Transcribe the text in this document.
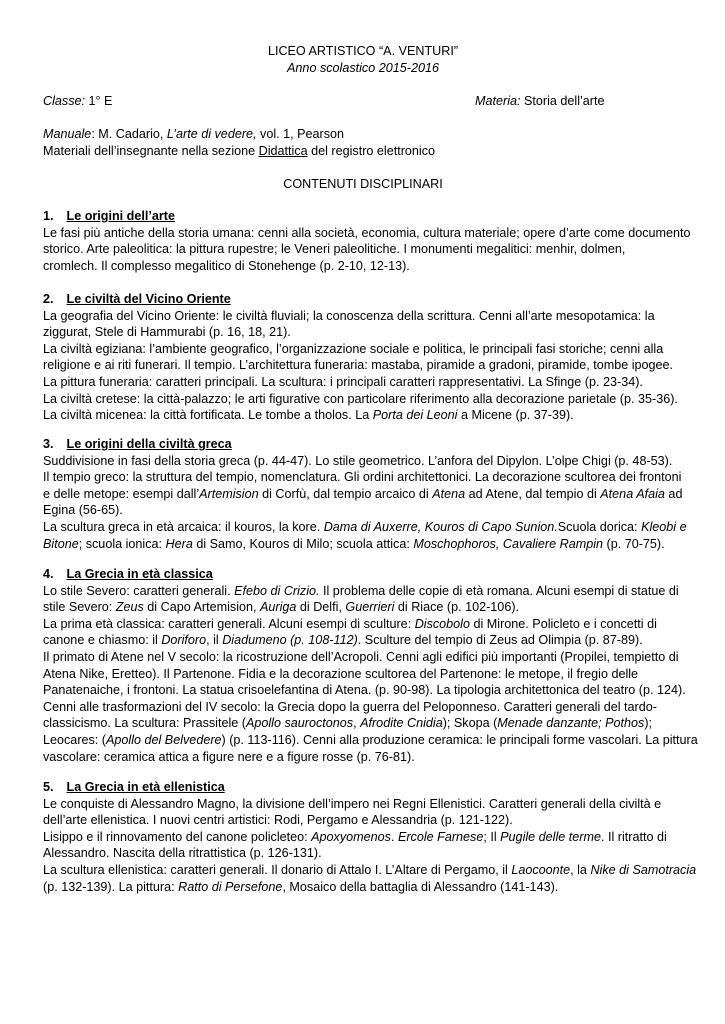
LICEO ARTISTICO “A. VENTURI”
Anno scolastico 2015-2016
Classe: 1° E	Materia: Storia dell’arte
Manuale: M. Cadario, L’arte di vedere, vol. 1, Pearson
Materiali dell’insegnante nella sezione Didattica del registro elettronico
CONTENUTI DISCIPLINARI
1. Le origini dell’arte
Le fasi più antiche della storia umana: cenni alla società, economia, cultura materiale; opere d’arte come documento
storico. Arte paleolitica: la pittura rupestre; le Veneri paleolitiche. I monumenti megalitici: menhir, dolmen,
cromlech. Il complesso megalitico di Stonehenge (p. 2-10, 12-13).
2. Le civiltà del Vicino Oriente
La geografia del Vicino Oriente: le civiltà fluviali; la conoscenza della scrittura. Cenni all’arte mesopotamica: la
ziggurat, Stele di Hammurabi (p. 16, 18, 21).
La civiltà egiziana: l’ambiente geografico, l’organizzazione sociale e politica, le principali fasi storiche; cenni alla
religione e ai riti funerari. Il tempio. L’architettura funeraria: mastaba, piramide a gradoni, piramide, tombe ipogee.
La pittura funeraria: caratteri principali. La scultura: i principali caratteri rappresentativi. La Sfinge (p. 23-34).
La civiltà cretese: la città-palazzo; le arti figurative con particolare riferimento alla decorazione parietale (p. 35-36).
La civiltà micenea: la città fortificata. Le tombe a tholos. La Porta dei Leoni a Micene (p. 37-39).
3. Le origini della civiltà greca
Suddivisione in fasi della storia greca (p. 44-47). Lo stile geometrico. L’anfora del Dipylon. L’olpe Chigi (p. 48-53).
Il tempio greco: la struttura del tempio, nomenclatura. Gli ordini architettonici. La decorazione scultorea dei frontoni
e delle metope: esempi dall’Artemision di Corfù, dal tempio arcaico di Atena ad Atene, dal tempio di Atena Afaia ad
Egina (56-65).
La scultura greca in età arcaica: il kouros, la kore. Dama di Auxerre, Kouros di Capo Sunion.Scuola dorica: Kleobi e
Bitone; scuola ionica: Hera di Samo, Kouros di Milo; scuola attica: Moschophoros, Cavaliere Rampin (p. 70-75).
4. La Grecia in età classica
Lo stile Severo: caratteri generali. Efebo di Crizio. Il problema delle copie di età romana. Alcuni esempi di statue di
stile Severo: Zeus di Capo Artemision, Auriga di Delfi, Guerrieri di Riace (p. 102-106).
La prima età classica: caratteri generali. Alcuni esempi di sculture: Discobolo di Mirone. Policleto e i concetti di
canone e chiasmo: il Doriforo, il Diadumeno (p. 108-112). Sculture del tempio di Zeus ad Olimpia (p. 87-89).
Il primato di Atene nel V secolo: la ricostruzione dell’Acropoli. Cenni agli edifici più importanti (Propilei, tempietto di
Atena Nike, Eretteo). Il Partenone. Fidia e la decorazione scultorea del Partenone: le metope, il fregio delle
Panatenaiche, i frontoni. La statua crisoelefantina di Atena. (p. 90-98). La tipologia architettonica del teatro (p. 124).
Cenni alle trasformazioni del IV secolo: la Grecia dopo la guerra del Peloponneso. Caratteri generali del tardo-
classicismo. La scultura: Prassitele (Apollo sauroctonos, Afrodite Cnidia); Skopa (Menade danzante; Pothos);
Leocares: (Apollo del Belvedere) (p. 113-116). Cenni alla produzione ceramica: le principali forme vascolari. La pittura
vascolare: ceramica attica a figure nere e a figure rosse (p. 76-81).
5. La Grecia in età ellenistica
Le conquiste di Alessandro Magno, la divisione dell’impero nei Regni Ellenistici. Caratteri generali della civiltà e
dell’arte ellenistica. I nuovi centri artistici: Rodi, Pergamo e Alessandria (p. 121-122).
Lisippo e il rinnovamento del canone policleteo: Apoxyomenos. Ercole Farnese; Il Pugile delle terme. Il ritratto di
Alessandro. Nascita della ritrattistica (p. 126-131).
La scultura ellenistica: caratteri generali. Il donario di Attalo I. L’Altare di Pergamo, il Laocoonte, la Nike di Samotracia
(p. 132-139). La pittura: Ratto di Persefone, Mosaico della battaglia di Alessandro (141-143).
